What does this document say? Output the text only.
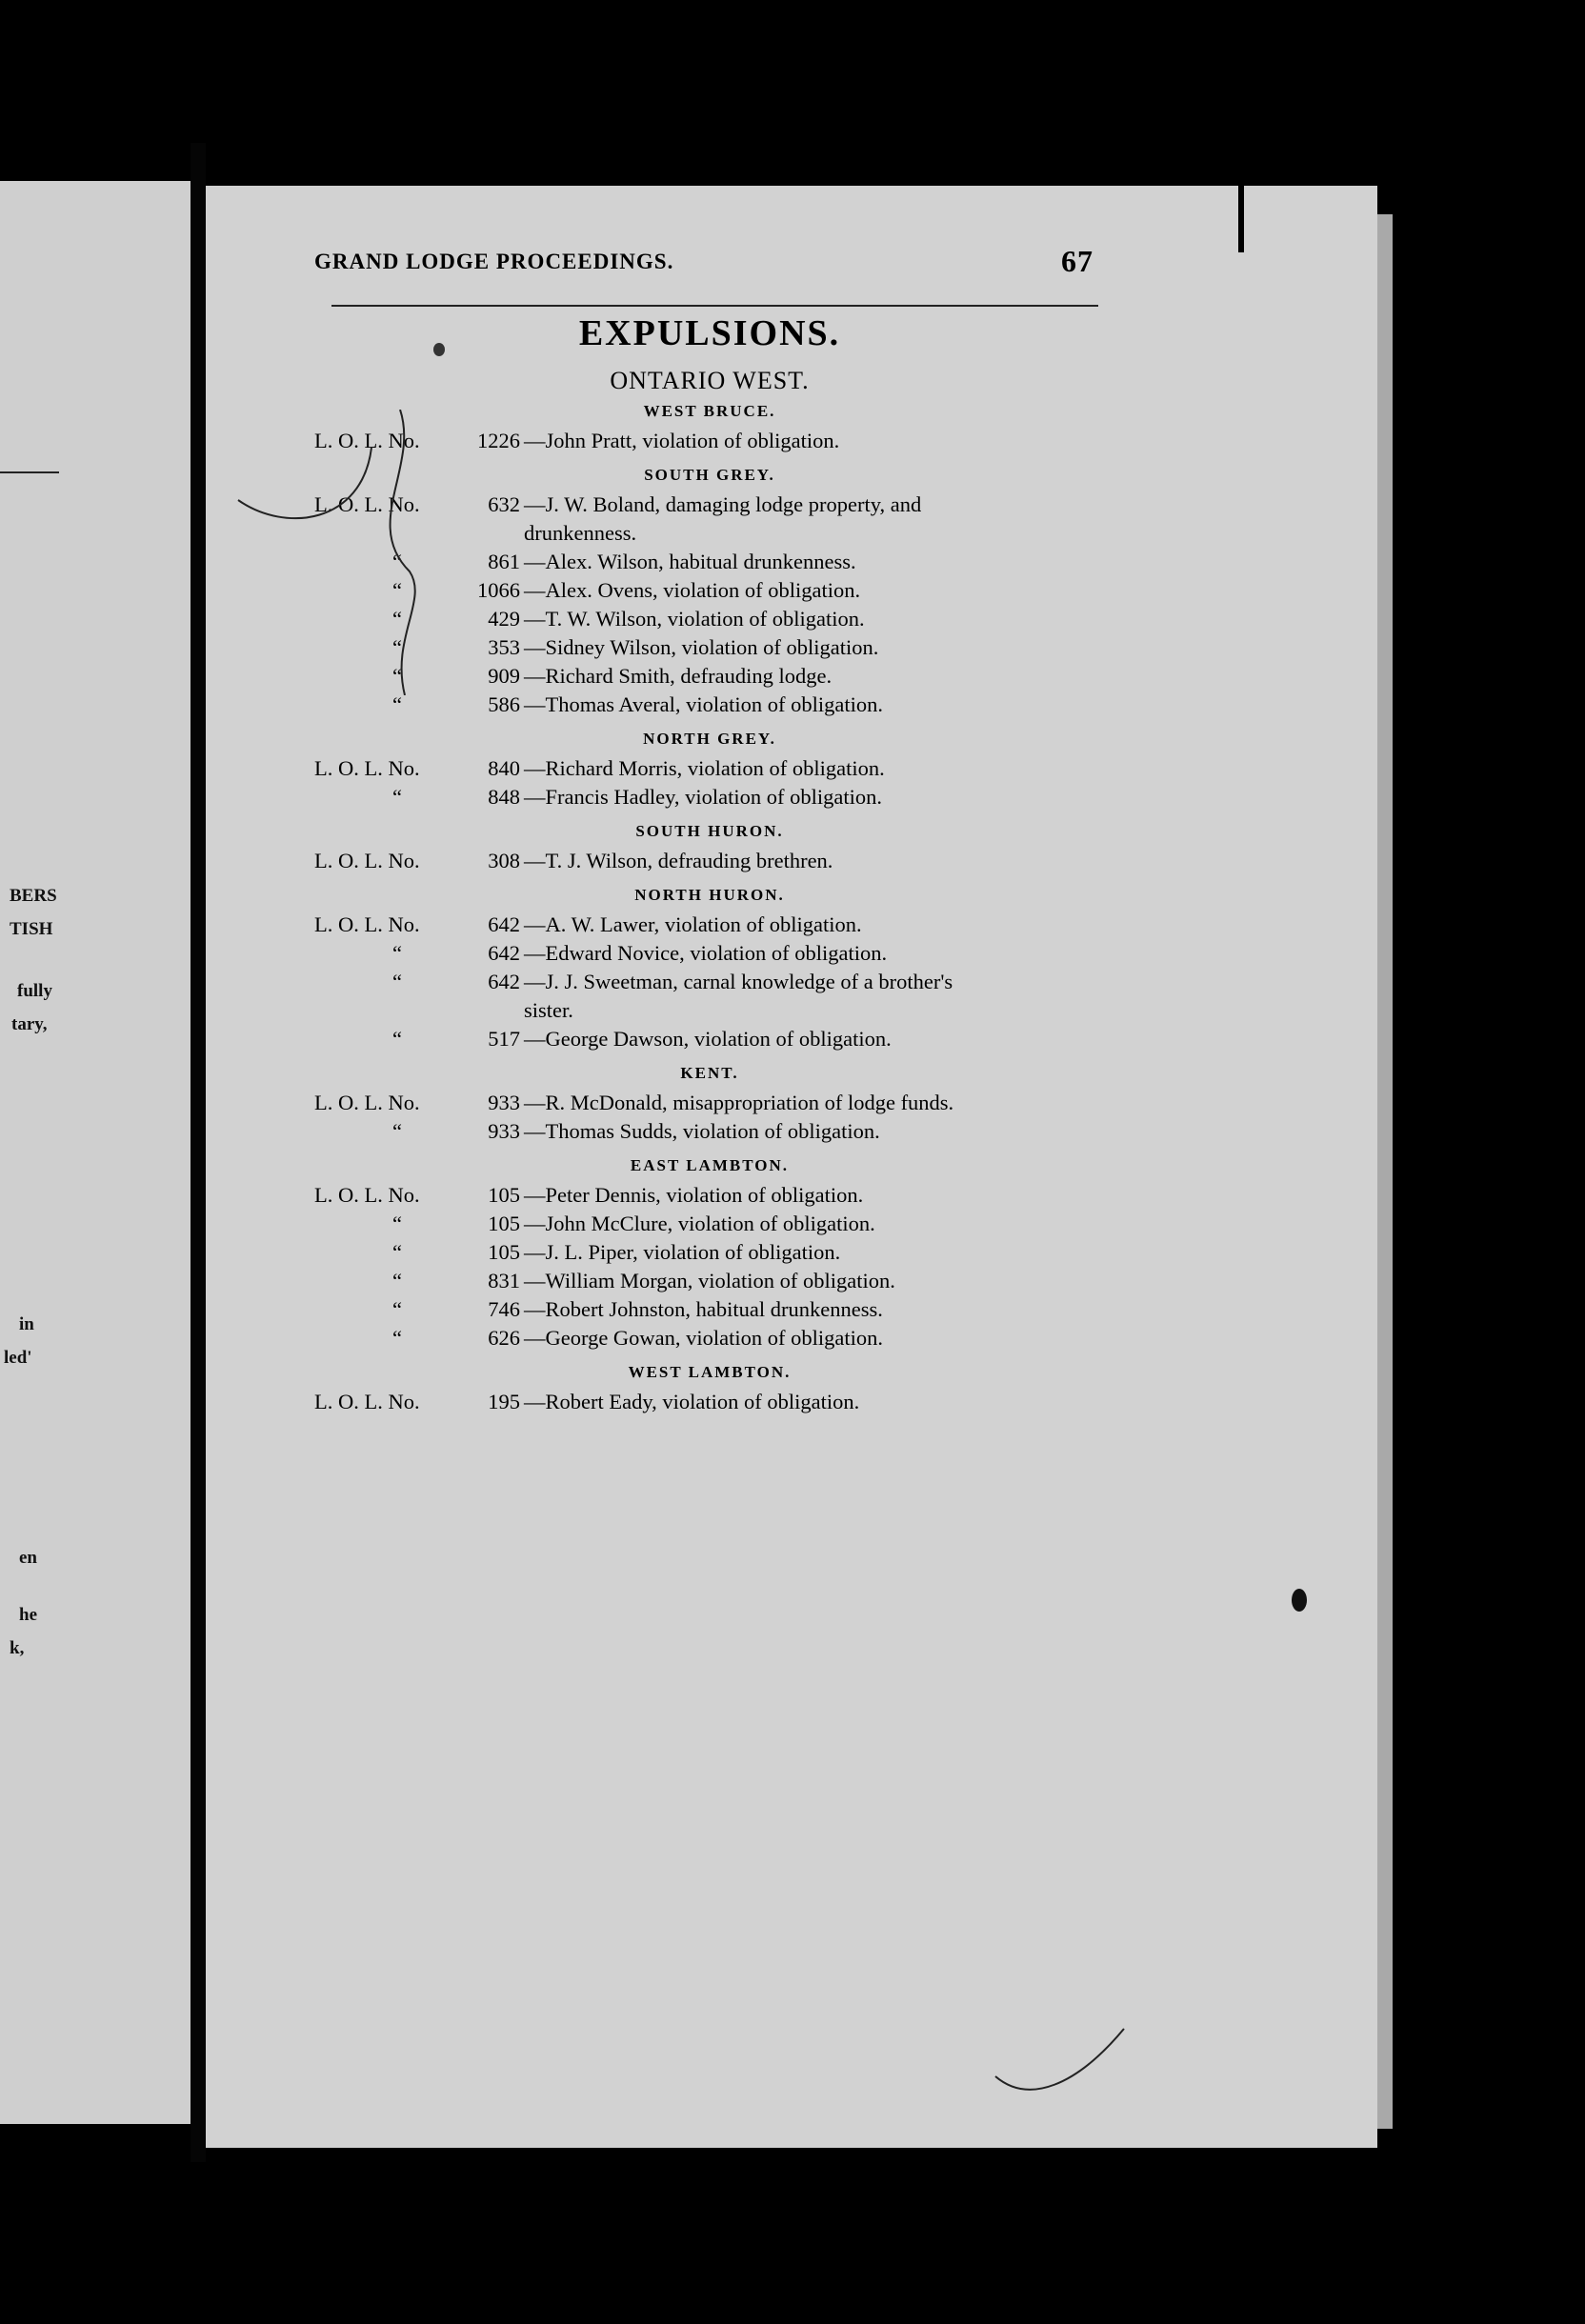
BERS
TISH
fully
tary,
in
led'
en
he
k,
GRAND LODGE PROCEEDINGS.	67
EXPULSIONS.
ONTARIO WEST.
WEST BRUCE.
L. O. L. No.	1226 —John Pratt, violation of obligation.
SOUTH GREY.
L. O. L. No.	632 —J. W. Boland, damaging lodge property, and
drunkenness.
“	861 —Alex. Wilson, habitual drunkenness.
“	1066 —Alex. Ovens, violation of obligation.
“	429 —T. W. Wilson, violation of obligation.
“	353 —Sidney Wilson, violation of obligation.
“	909 —Richard Smith, defrauding lodge.
“	586 —Thomas Averal, violation of obligation.
NORTH GREY.
L. O. L. No.	840 —Richard Morris, violation of obligation.
“	848 —Francis Hadley, violation of obligation.
SOUTH HURON.
L. O. L. No.	308 —T. J. Wilson, defrauding brethren.
NORTH HURON.
L. O. L. No.	642 —A. W. Lawer, violation of obligation.
“	642 —Edward Novice, violation of obligation.
“	642 —J. J. Sweetman, carnal knowledge of a brother's
sister.
“	517 —George Dawson, violation of obligation.
KENT.
L. O. L. No.	933 —R. McDonald, misappropriation of lodge funds.
“	933 —Thomas Sudds, violation of obligation.
EAST LAMBTON.
L. O. L. No.	105 —Peter Dennis, violation of obligation.
“	105 —John McClure, violation of obligation.
“	105 —J. L. Piper, violation of obligation.
“	831 —William Morgan, violation of obligation.
“	746 —Robert Johnston, habitual drunkenness.
“	626 —George Gowan, violation of obligation.
WEST LAMBTON.
L. O. L. No.	195 —Robert Eady, violation of obligation.
